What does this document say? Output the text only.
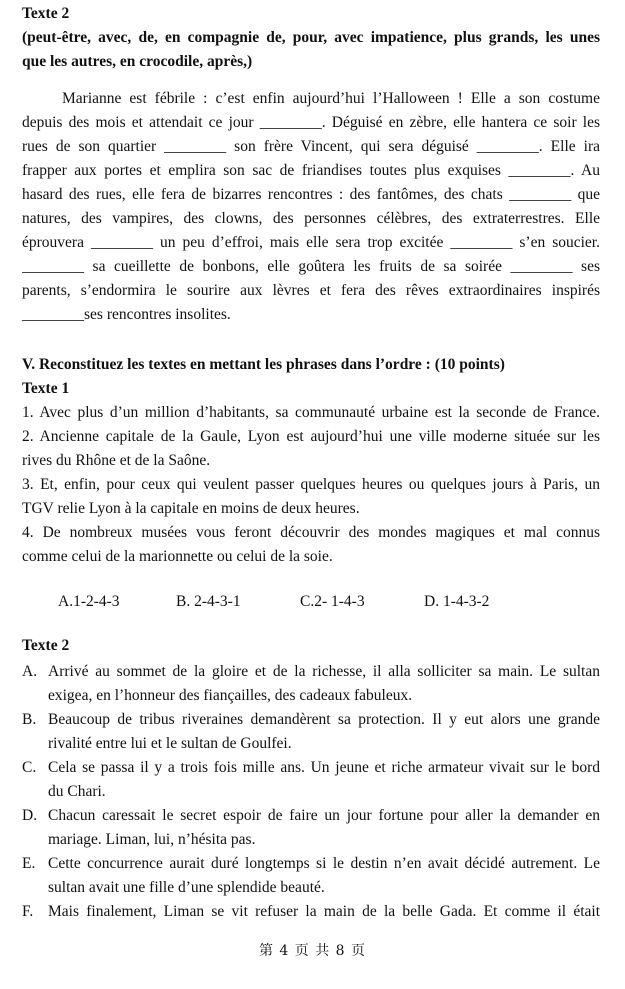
Texte 2
(peut-être, avec, de, en compagnie de, pour, avec impatience, plus grands, les unes
que les autres, en crocodile, après,)
Marianne est fébrile : c’est enfin aujourd’hui l’Halloween ! Elle a son costume
depuis des mois et attendait ce jour ________. Déguisé en zèbre, elle hantera ce soir les
rues de son quartier ________ son frère Vincent, qui sera déguisé ________. Elle ira
frapper aux portes et emplira son sac de friandises toutes plus exquises ________. Au
hasard des rues, elle fera de bizarres rencontres : des fantômes, des chats ________ que
natures, des vampires, des clowns, des personnes célèbres, des extraterrestres. Elle
éprouvera ________ un peu d’effroi, mais elle sera trop excitée ________ s’en soucier.
________ sa cueillette de bonbons, elle goûtera les fruits de sa soirée ________ ses
parents, s’endormira le sourire aux lèvres et fera des rêves extraordinaires inspirés
________ses rencontres insolites.
V. Reconstituez les textes en mettant les phrases dans l’ordre : (10 points)
Texte 1
1. Avec plus d’un million d’habitants, sa communauté urbaine est la seconde de France.
2. Ancienne capitale de la Gaule, Lyon est aujourd’hui une ville moderne située sur les
rives du Rhône et de la Saône.
3. Et, enfin, pour ceux qui veulent passer quelques heures ou quelques jours à Paris, un
TGV relie Lyon à la capitale en moins de deux heures.
4. De nombreux musées vous feront découvrir des mondes magiques et mal connus
comme celui de la marionnette ou celui de la soie.
A.1-2-4-3	B. 2-4-3-1	C.2- 1-4-3	D. 1-4-3-2
Texte 2
A. Arrivé au sommet de la gloire et de la richesse, il alla solliciter sa main. Le sultan
exigea, en l’honneur des fiançailles, des cadeaux fabuleux.
B. Beaucoup de tribus riveraines demandèrent sa protection. Il y eut alors une grande
rivalité entre lui et le sultan de Goulfei.
C. Cela se passa il y a trois fois mille ans. Un jeune et riche armateur vivait sur le bord
du Chari.
D. Chacun caressait le secret espoir de faire un jour fortune pour aller la demander en
mariage. Liman, lui, n’hésita pas.
E. Cette concurrence aurait duré longtemps si le destin n’en avait décidé autrement. Le
sultan avait une fille d’une splendide beauté.
F. Mais finalement, Liman se vit refuser la main de la belle Gada. Et comme il était
第 4 页 共 8 页
